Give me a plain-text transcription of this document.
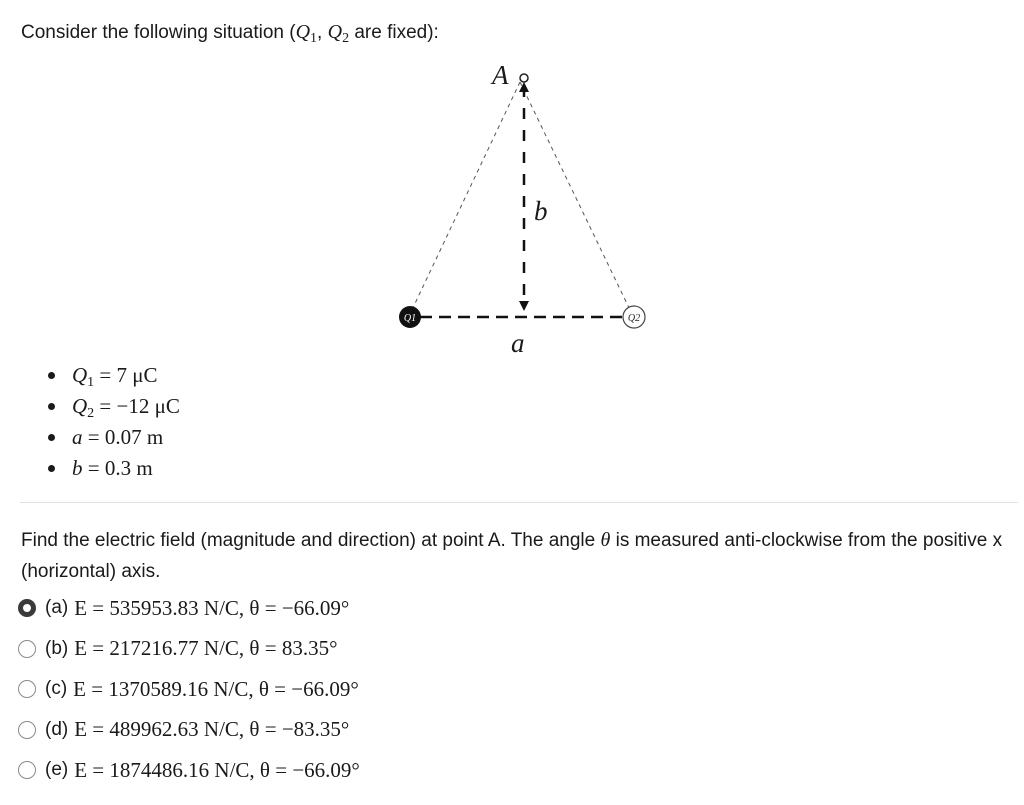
Consider the following situation ($Q_1$, $Q_2$ are fixed):
Q1	Q2
A
b
a
$Q_1 = 7$ μC
$Q_2 = -12$ μC
a = 0.07 m
b = 0.3 m
Find the electric field (magnitude and direction) at point A. The angle θ is measured anti-clockwise from the positive x (horizontal) axis.
(a) E = 535953.83 N/C, θ = −66.09°
(b) E = 217216.77 N/C, θ = 83.35°
(c) E = 1370589.16 N/C, θ = −66.09°
(d) E = 489962.63 N/C, θ = −83.35°
(e) E = 1874486.16 N/C, θ = −66.09°
